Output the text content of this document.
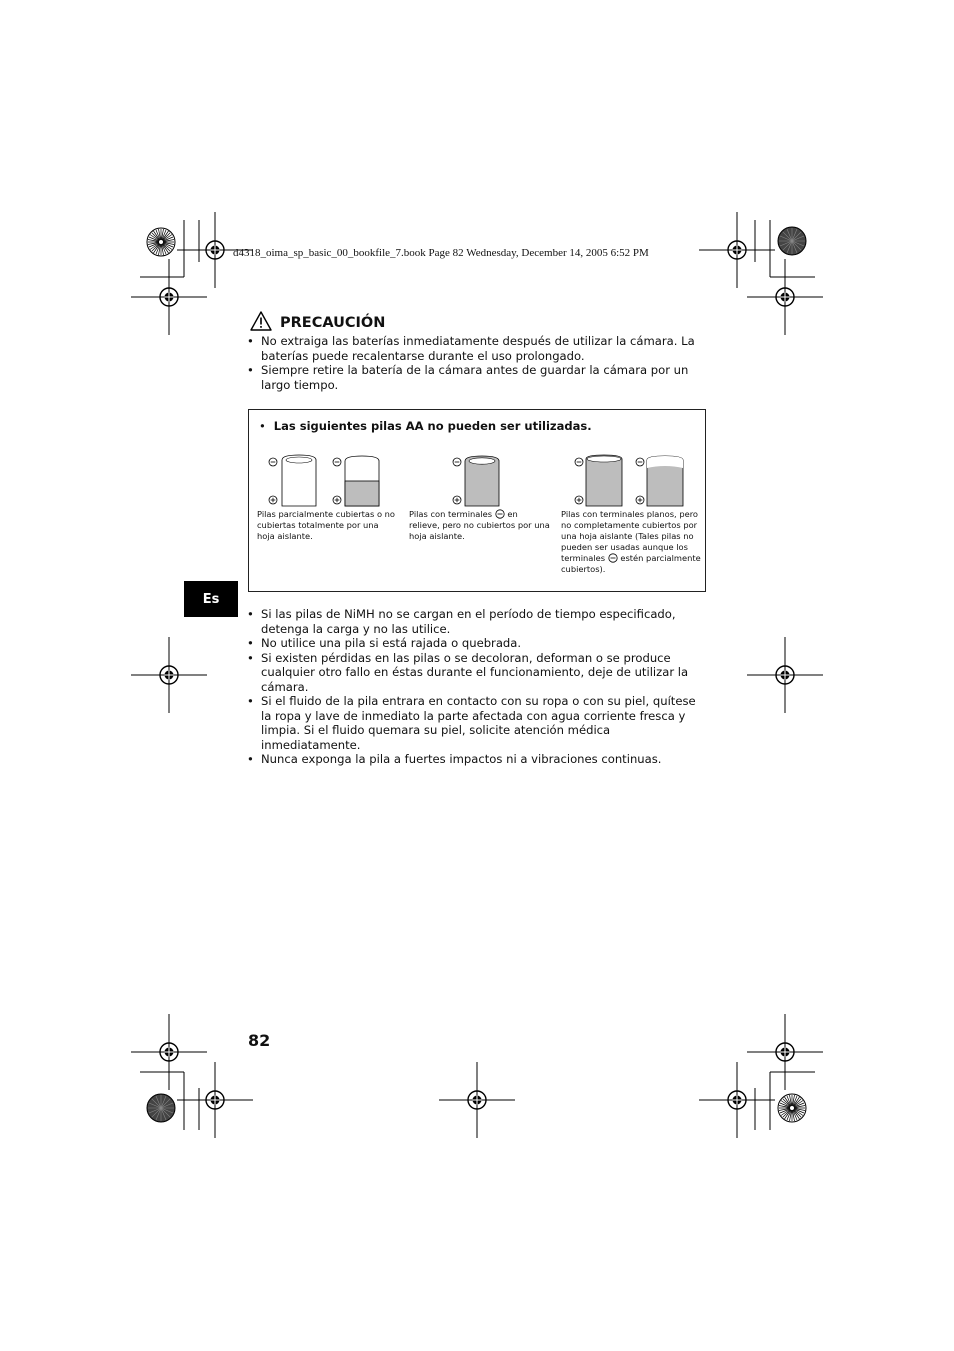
d4318_oima_sp_basic_00_bookfile_7.book Page 82 Wednesday, December 14, 2005 6:52 PM
PRECAUCIÓN
• No extraiga las baterías inmediatamente después de utilizar la cámara. La baterías puede recalentarse durante el uso prolongado.
• Siempre retire la batería de la cámara antes de guardar la cámara por un largo tiempo.
• Las siguientes pilas AA no pueden ser utilizadas.
Pilas parcialmente cubiertas o no cubiertas totalmente por una hoja aislante.
Pilas con terminales  en relieve, pero no cubiertos por una hoja aislante.
Pilas con terminales planos, pero no completamente cubiertos por una hoja aislante (Tales pilas no pueden ser usadas aunque los terminales  estén parcialmente cubiertos).
Es
• Si las pilas de NiMH no se cargan en el período de tiempo especificado, detenga la carga y no las utilice.
• No utilice una pila si está rajada o quebrada.
• Si existen pérdidas en las pilas o se decoloran, deforman o se produce cualquier otro fallo en éstas durante el funcionamiento, deje de utilizar la cámara.
• Si el fluido de la pila entrara en contacto con su ropa o con su piel, quítese la ropa y lave de inmediato la parte afectada con agua corriente fresca y limpia. Si el fluido quemara su piel, solicite atención médica inmediatamente.
• Nunca exponga la pila a fuertes impactos ni a vibraciones continuas.
82
